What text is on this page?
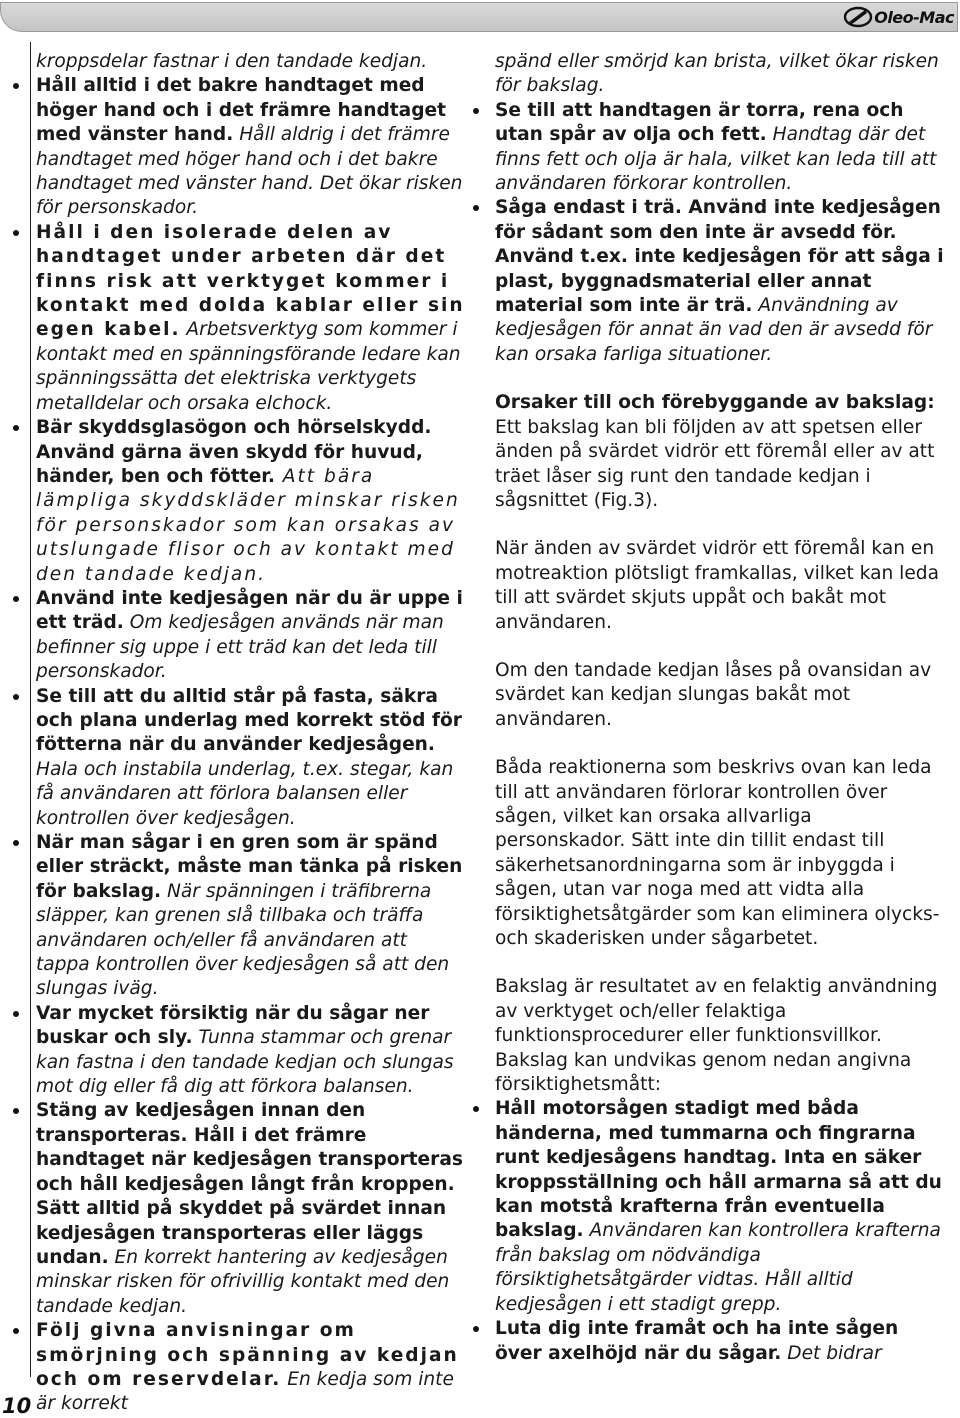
Oleo-Mac
10

kroppsdelar fastnar i den tandade kedjan.

Håll alltid i det bakre handtaget med höger hand och i det främre handtaget med vänster hand. Håll aldrig i det främre handtaget med höger hand och i det bakre handtaget med vänster hand. Det ökar risken för personskador.
Håll i den isolerade delen av handtaget under arbeten där det finns risk att verktyget kommer i kontakt med dolda kablar eller sin egen kabel. Arbetsverktyg som kommer i kontakt med en spänningsförande ledare kan spänningssätta det elektriska verktygets metalldelar och orsaka elchock.
Bär skyddsglasögon och hörselskydd. Använd gärna även skydd för huvud, händer, ben och fötter. Att bära lämpliga skyddskläder minskar risken för personskador som kan orsakas av utslungade flisor och av kontakt med den tandade kedjan.
Använd inte kedjesågen när du är uppe i ett träd. Om kedjesågen används när man befinner sig uppe i ett träd kan det leda till personskador.
Se till att du alltid står på fasta, säkra och plana underlag med korrekt stöd för fötterna när du använder kedjesågen. Hala och instabila underlag, t.ex. stegar, kan få användaren att förlora balansen eller kontrollen över kedjesågen.
När man sågar i en gren som är spänd eller sträckt, måste man tänka på risken för bakslag. När spänningen i träfibrerna släpper, kan grenen slå tillbaka och träffa användaren och/eller få användaren att tappa kontrollen över kedjesågen så att den slungas iväg.
Var mycket försiktig när du sågar ner buskar och sly. Tunna stammar och grenar kan fastna i den tandade kedjan och slungas mot dig eller få dig att förkora balansen.
Stäng av kedjesågen innan den transporteras. Håll i det främre handtaget när kedjesågen transporteras och håll kedjesågen långt från kroppen. Sätt alltid på skyddet på svärdet innan kedjesågen transporteras eller läggs undan. En korrekt hantering av kedjesågen minskar risken för ofrivillig kontakt med den tandade kedjan.
Följ givna anvisningar om smörjning och spänning av kedjan och om reservdelar. En kedja som inte är korrekt

spänd eller smörjd kan brista, vilket ökar risken för bakslag.

Se till att handtagen är torra, rena och utan spår av olja och fett. Handtag där det finns fett och olja är hala, vilket kan leda till att användaren förkorar kontrollen.
Såga endast i trä. Använd inte kedjesågen för sådant som den inte är avsedd för. Använd t.ex. inte kedjesågen för att såga i plast, byggnadsmaterial eller annat material som inte är trä. Användning av kedjesågen för annat än vad den är avsedd för kan orsaka farliga situationer.

Orsaker till och förebyggande av bakslag:

Ett bakslag kan bli följden av att spetsen eller änden på svärdet vidrör ett föremål eller av att träet låser sig runt den tandade kedjan i sågsnittet (Fig.3).

När änden av svärdet vidrör ett föremål kan en motreaktion plötsligt framkallas, vilket kan leda till att svärdet skjuts uppåt och bakåt mot användaren.

Om den tandade kedjan låses på ovansidan av svärdet kan kedjan slungas bakåt mot användaren.

Båda reaktionerna som beskrivs ovan kan leda till att användaren förlorar kontrollen över sågen, vilket kan orsaka allvarliga personskador. Sätt inte din tillit endast till säkerhetsanordningarna som är inbyggda i sågen, utan var noga med att vidta alla försiktighetsåtgärder som kan eliminera olycks- och skaderisken under sågarbetet.

Bakslag är resultatet av en felaktig användning av verktyget och/eller felaktiga funktionsprocedurer eller funktionsvillkor. Bakslag kan undvikas genom nedan angivna försiktighetsmått:

Håll motorsågen stadigt med båda händerna, med tummarna och fingrarna runt kedjesågens handtag. Inta en säker kroppsställning och håll armarna så att du kan motstå krafterna från eventuella bakslag. Användaren kan kontrollera krafterna från bakslag om nödvändiga försiktighetsåtgärder vidtas. Håll alltid kedjesågen i ett stadigt grepp.
Luta dig inte framåt och ha inte sågen över axelhöjd när du sågar. Det bidrar
